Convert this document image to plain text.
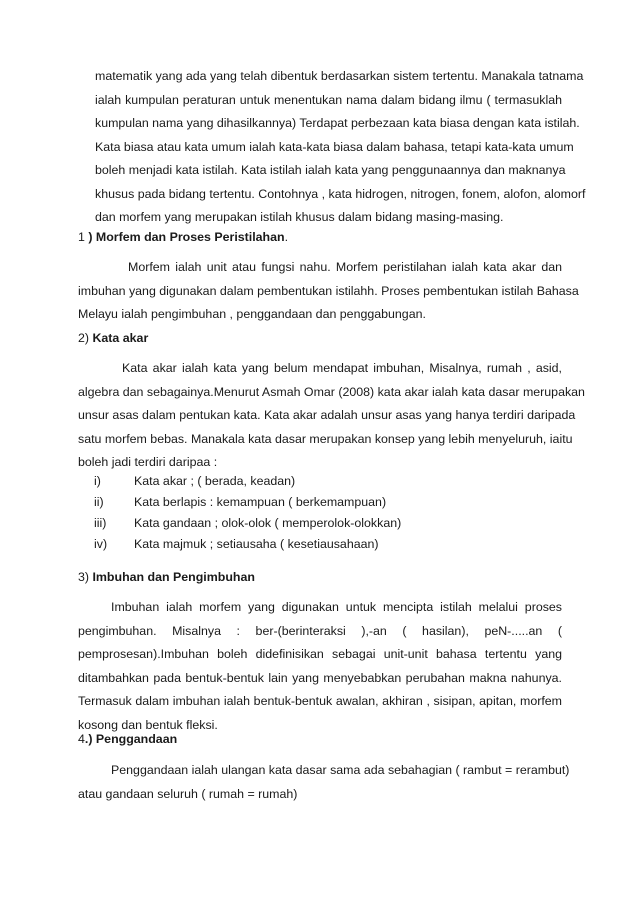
matematik yang ada yang telah dibentuk berdasarkan sistem tertentu. Manakala tatnama
ialah kumpulan peraturan untuk menentukan nama dalam bidang ilmu ( termasuklah
kumpulan nama yang dihasilkannya) Terdapat perbezaan kata biasa dengan kata istilah.
Kata biasa atau kata umum ialah kata-kata biasa dalam bahasa, tetapi kata-kata umum
boleh menjadi kata istilah. Kata istilah ialah kata yang penggunaannya dan maknanya
khusus pada bidang tertentu. Contohnya , kata hidrogen, nitrogen, fonem, alofon, alomorf
dan morfem yang merupakan istilah khusus dalam bidang masing-masing.
1 ) Morfem dan Proses Peristilahan.
Morfem ialah unit atau fungsi nahu. Morfem peristilahan ialah kata akar dan
imbuhan yang digunakan dalam pembentukan istilahh. Proses pembentukan istilah Bahasa
Melayu ialah pengimbuhan , penggandaan dan penggabungan.
2) Kata akar
Kata akar ialah kata yang belum mendapat imbuhan, Misalnya, rumah , asid,
algebra dan sebagainya.Menurut Asmah Omar (2008) kata akar ialah kata dasar merupakan
unsur asas dalam pentukan kata. Kata akar adalah unsur asas yang hanya terdiri daripada
satu morfem bebas. Manakala kata dasar merupakan konsep yang lebih menyeluruh, iaitu
boleh jadi terdiri daripaa :
i)	Kata akar ; ( berada, keadan)
ii) Kata berlapis : kemampuan ( berkemampuan)
iii) Kata gandaan ; olok-olok ( memperolok-olokkan)
iv) Kata majmuk ; setiausaha ( kesetiausahaan)
3) Imbuhan dan Pengimbuhan
Imbuhan ialah morfem yang digunakan untuk mencipta istilah melalui proses
pengimbuhan. Misalnya : ber-(berinteraksi ),-an ( hasilan), peN-.....an (
pemprosesan).Imbuhan boleh didefinisikan sebagai unit-unit bahasa tertentu yang
ditambahkan pada bentuk-bentuk lain yang menyebabkan perubahan makna nahunya.
Termasuk dalam imbuhan ialah bentuk-bentuk awalan, akhiran , sisipan, apitan, morfem
kosong dan bentuk fleksi.
4.) Penggandaan
Penggandaan ialah ulangan kata dasar sama ada sebahagian ( rambut = rerambut)
atau gandaan seluruh ( rumah = rumah)
